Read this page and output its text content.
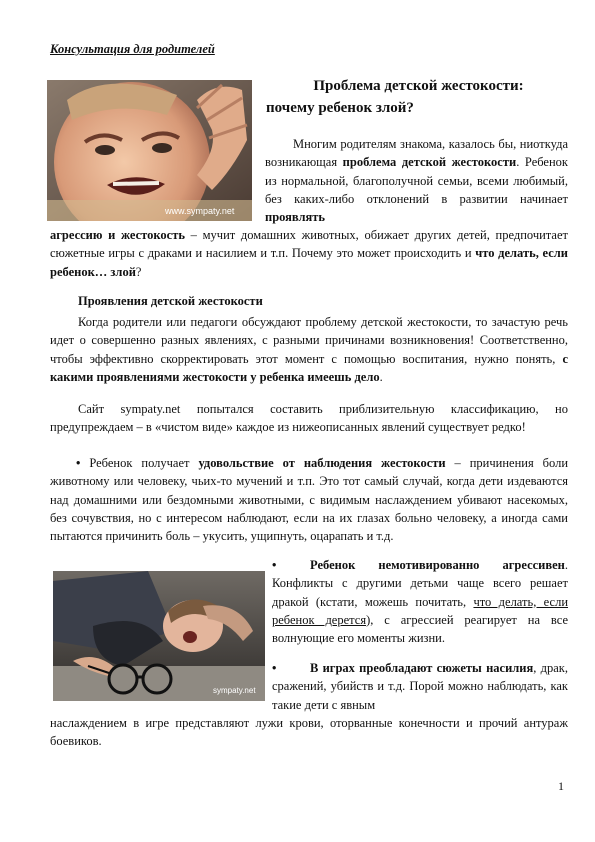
Консультация для родителей
www.sympaty.net
Проблема детской жестокости:
почему ребенок злой?

Многим родителям знакома, казалось бы, ниоткуда возникающая проблема детской жестокости. Ребенок из нормальной, благополучной семьи, всеми любимый, без каких-либо отклонений в развитии начинает проявлять

агрессию и жестокость – мучит домашних животных, обижает других детей, предпочитает сюжетные игры с драками и насилием и т.п. Почему это может происходить и что делать, если ребенок… злой?

Проявления детской жестокости

Когда родители или педагоги обсуждают проблему детской жестокости, то зачастую речь идет о совершенно разных явлениях, с разными причинами возникновения! Соответственно, чтобы эффективно скорректировать этот момент с помощью воспитания, нужно понять, с какими проявлениями жестокости у ребенка имеешь дело.

Сайт sympaty.net попытался составить приблизительную классификацию, но предупреждаем – в «чистом виде» каждое из нижеописанных явлений существует редко!

• Ребенок получает удовольствие от наблюдения жестокости – причинения боли животному или человеку, чьих-то мучений и т.п. Это тот самый случай, когда дети издеваются над домашними или бездомными животными, с видимым наслаждением убивают насекомых, без сочувствия, но с интересом наблюдают, если на их глазах больно человеку, а иногда сами пытаются причинить боль – укусить, ущипнуть, оцарапать и т.д.

sympaty.net

•	Ребенок немотивированно агрессивен. Конфликты с другими детьми чаще всего решает дракой (кстати, можешь почитать, что делать, если ребенок дерется), с агрессией реагирует на все волнующие его моменты жизни.

•	В играх преобладают сюжеты насилия, драк, сражений, убийств и т.д. Порой можно наблюдать, как такие дети с явным

наслаждением в игре представляют лужи крови, оторванные конечности и прочий антураж боевиков.

1
